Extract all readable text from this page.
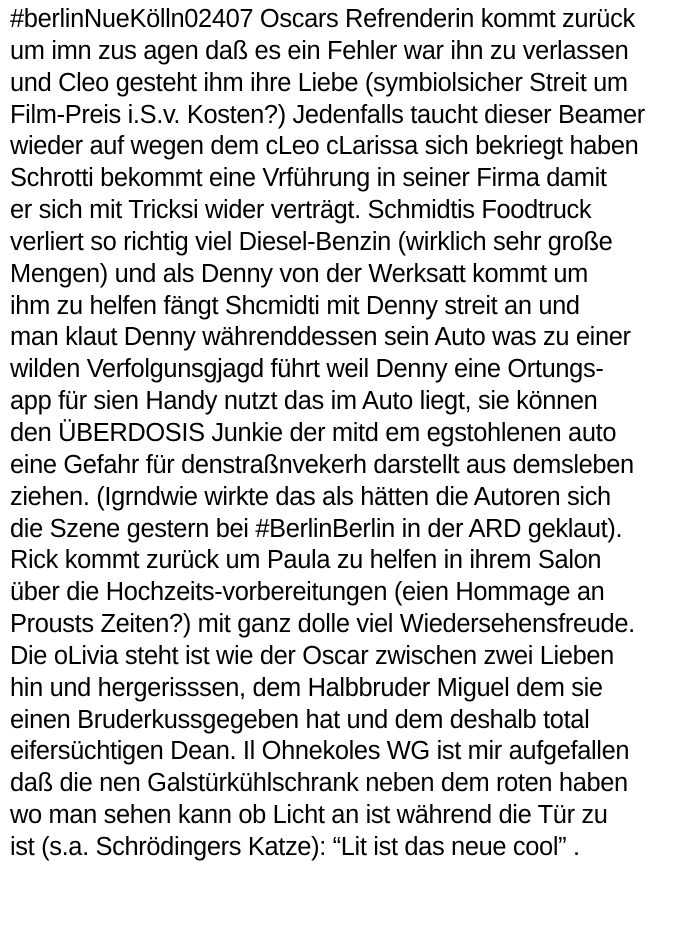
#berlinNueKölln02407 Oscars Refrenderin kommt zurück
um imn zus agen daß es ein Fehler war ihn zu verlassen
und Cleo gesteht ihm ihre Liebe (symbiolsicher Streit um
Film-Preis i.S.v. Kosten?) Jedenfalls taucht dieser Beamer
wieder auf wegen dem cLeo cLarissa sich bekriegt haben
Schrotti bekommt eine Vrführung in seiner Firma damit
er sich mit Tricksi wider verträgt. Schmidtis Foodtruck
verliert so richtig viel Diesel-Benzin (wirklich sehr große
Mengen) und als Denny von der Werksatt kommt um
ihm zu helfen fängt Shcmidti mit Denny streit an und
man klaut Denny währenddessen sein Auto was zu einer
wilden Verfolgunsgjagd führt weil Denny eine Ortungs-
app für sien Handy nutzt das im Auto liegt, sie können
den ÜBERDOSIS Junkie der mitd em egstohlenen auto
eine Gefahr für denstraßnvekerh darstellt aus demsleben
ziehen. (Igrndwie wirkte das als hätten die Autoren sich
die Szene gestern bei #BerlinBerlin in der ARD geklaut).
Rick kommt zurück um Paula zu helfen in ihrem Salon
über die Hochzeits-vorbereitungen (eien Hommage an
Prousts Zeiten?) mit ganz dolle viel Wiedersehensfreude.
Die oLivia steht ist wie der Oscar zwischen zwei Lieben
hin und hergerisssen, dem Halbbruder Miguel dem sie
einen Bruderkussgegeben hat und dem deshalb total
eifersüchtigen Dean. Il Ohnekoles WG ist mir aufgefallen
daß die nen Galstürkühlschrank neben dem roten haben
wo man sehen kann ob Licht an ist während die Tür zu
ist (s.a. Schrödingers Katze): “Lit ist das neue cool” .
